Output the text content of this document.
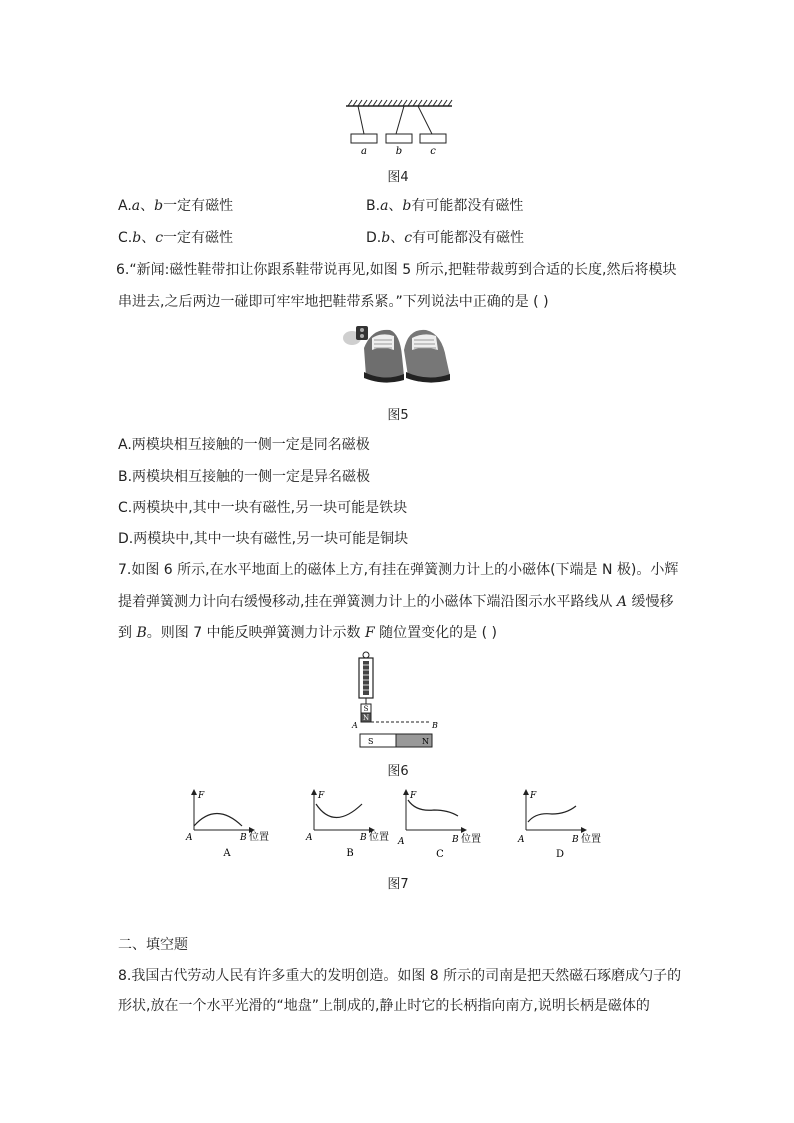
a	b	c
图4
A.a、b一定有磁性	B.a、b有可能都没有磁性
C.b、c一定有磁性	D.b、c有可能都没有磁性
6.“新闻:磁性鞋带扣让你跟系鞋带说再见,如图 5 所示,把鞋带裁剪到合适的长度,然后将模块
串进去,之后两边一碰即可牢牢地把鞋带系紧。”下列说法中正确的是 ( )
图5
A.两模块相互接触的一侧一定是同名磁极
B.两模块相互接触的一侧一定是异名磁极
C.两模块中,其中一块有磁性,另一块可能是铁块
D.两模块中,其中一块有磁性,另一块可能是铜块
7.如图 6 所示,在水平地面上的磁体上方,有挂在弹簧测力计上的小磁体(下端是 N 极)。小辉
提着弹簧测力计向右缓慢移动,挂在弹簧测力计上的小磁体下端沿图示水平路线从 A 缓慢移
到 B。则图 7 中能反映弹簧测力计示数 F 随位置变化的是 ( )
S
N
A	B
S	N
图6
F
A	B 位置
A
F
A	B 位置
B
F
A	B 位置
C
F
A	B 位置
D
图7
二、填空题
8.我国古代劳动人民有许多重大的发明创造。如图 8 所示的司南是把天然磁石琢磨成勺子的
形状,放在一个水平光滑的“地盘”上制成的,静止时它的长柄指向南方,说明长柄是磁体的
